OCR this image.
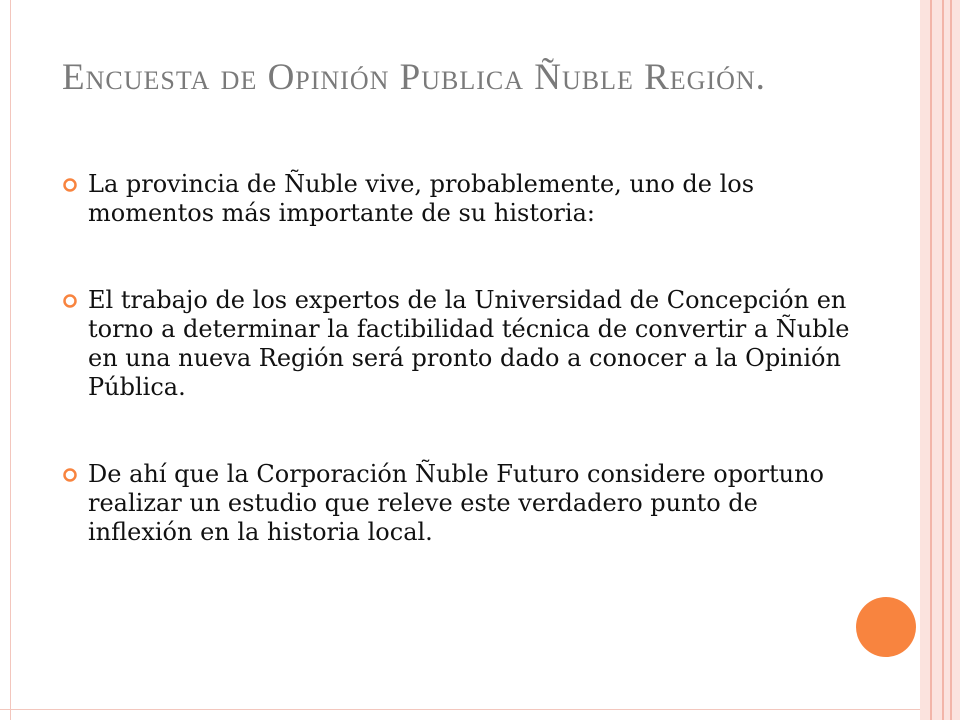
Encuesta de Opinión Publica Ñuble Región.
La provincia de Ñuble vive, probablemente, uno de los momentos más importante de su historia:
El trabajo de los expertos de la Universidad de Concepción en torno a determinar la factibilidad técnica de convertir a Ñuble en una nueva Región será pronto dado a conocer a la Opinión Pública.
De ahí que la Corporación Ñuble Futuro considere oportuno realizar un estudio que releve este verdadero punto de inflexión en la historia local.
